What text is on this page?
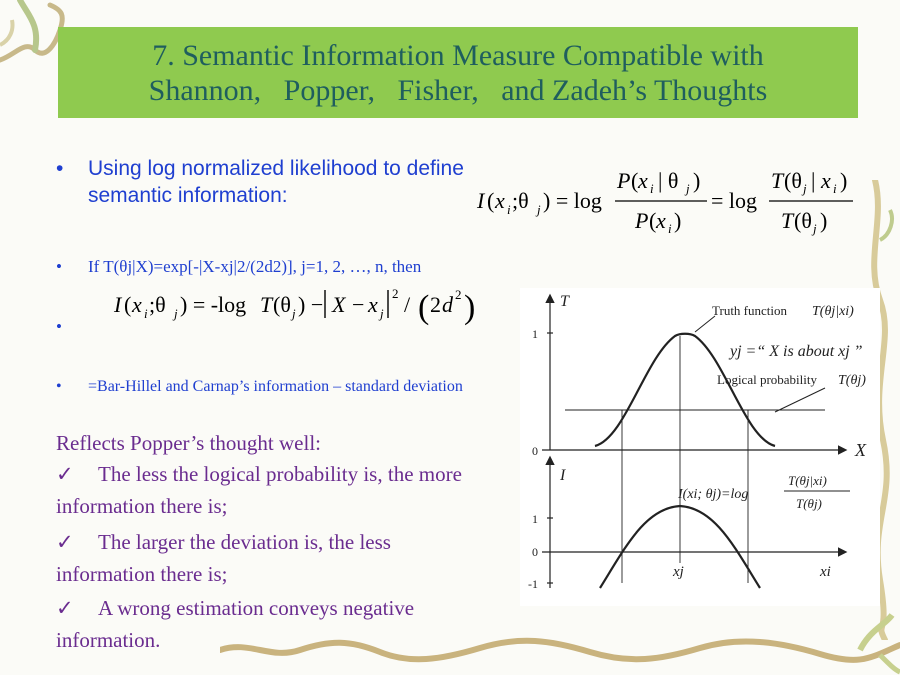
7. Semantic Information Measure Compatible with
Shannon,   Popper,   Fisher,   and Zadeh’s Thoughts
• Using log normalized likelihood to define semantic information:	I ( x i ;θ j ) = log
P ( x i | θ j )
P ( x i )
= log
T (θ j | x i )
T (θ j )
• If T(θj|X)=exp[-|X-xj|2/(2d2)], j=1, 2, …, n, then
I ( x i ;θ j ) = -log T (θ j ) − X − x j
2 / ( 2 d 2 )
•
• =Bar-Hillel and Carnap’s information – standard deviation
Reflects Popper’s thought well:
✓ The less the logical probability is, the more information there is;
✓ The larger the deviation is, the less information there is;
✓ A wrong estimation conveys negative information.
T
X
1
0
Truth function T(θj|xi)
yj =“ X is about xj ”
Logical probability T(θj)
I
1
0
-1
xj	xi
I(xi; θj)=log
T(θj|xi)
T(θj)
